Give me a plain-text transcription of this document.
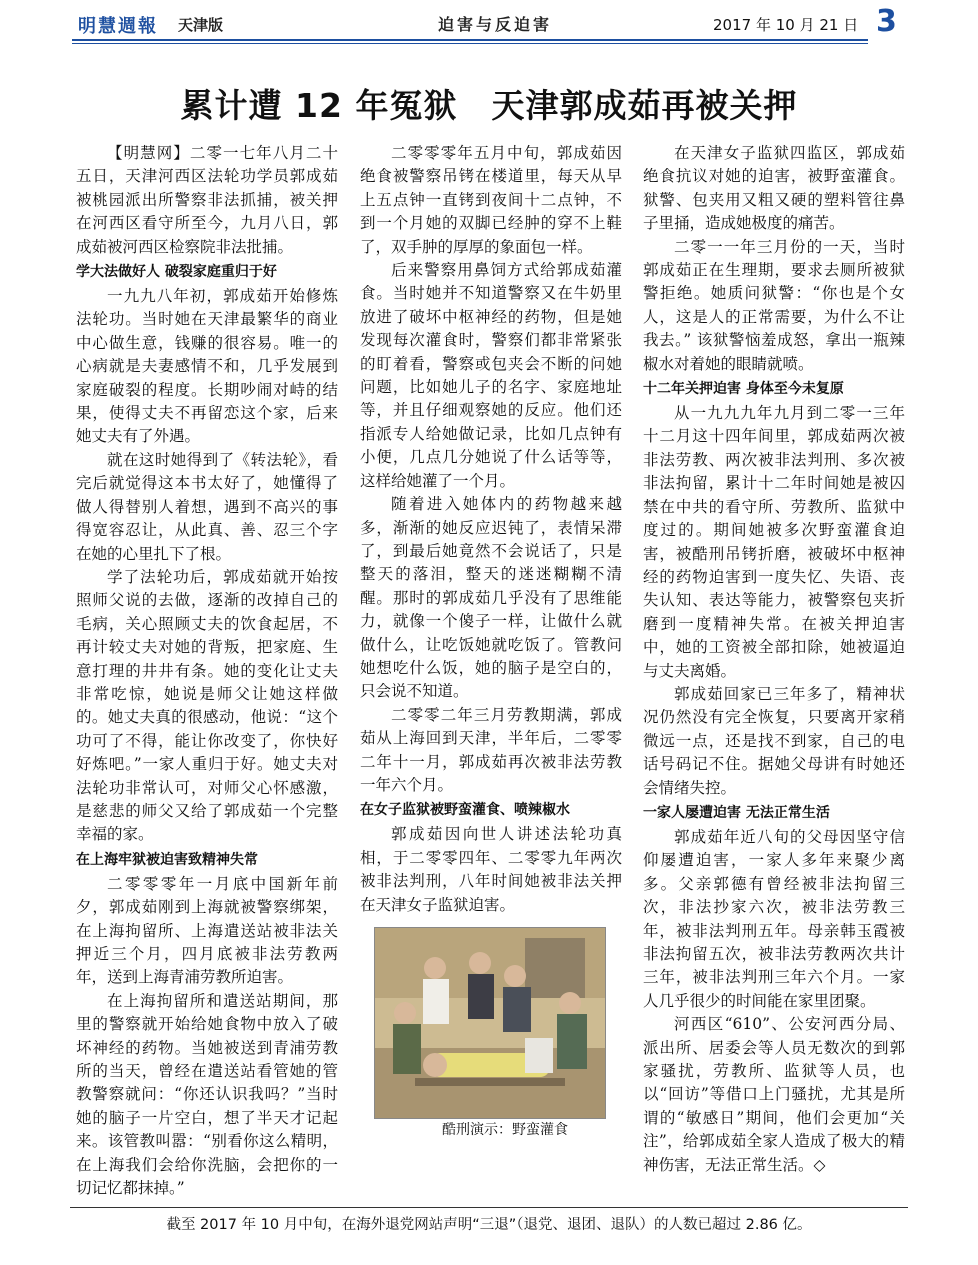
明慧週報 天津版	迫害与反迫害	2017 年 10 月 21 日 3
累计遭 12 年冤狱　天津郭成茹再被关押

【明慧网】二零一七年八月二十五日，天津河西区法轮功学员郭成茹被桃园派出所警察非法抓捕，被关押在河西区看守所至今，九月八日，郭成茹被河西区检察院非法批捕。

学大法做好人 破裂家庭重归于好

一九九八年初，郭成茹开始修炼法轮功。当时她在天津最繁华的商业中心做生意，钱赚的很容易。唯一的心病就是夫妻感情不和，几乎发展到家庭破裂的程度。长期吵闹对峙的结果，使得丈夫不再留恋这个家，后来她丈夫有了外遇。

就在这时她得到了《转法轮》，看完后就觉得这本书太好了，她懂得了做人得替别人着想，遇到不高兴的事得宽容忍让，从此真、善、忍三个字在她的心里扎下了根。

学了法轮功后，郭成茹就开始按照师父说的去做，逐渐的改掉自己的毛病，关心照顾丈夫的饮食起居，不再计较丈夫对她的背叛，把家庭、生意打理的井井有条。她的变化让丈夫非常吃惊，她说是师父让她这样做的。她丈夫真的很感动，他说：“这个功可了不得，能让你改变了，你快好好炼吧。”一家人重归于好。她丈夫对法轮功非常认可，对师父心怀感激，是慈悲的师父又给了郭成茹一个完整幸福的家。

在上海牢狱被迫害致精神失常

二零零零年一月底中国新年前夕，郭成茹刚到上海就被警察绑架，在上海拘留所、上海遣送站被非法关押近三个月，四月底被非法劳教两年，送到上海青浦劳教所迫害。

在上海拘留所和遣送站期间，那里的警察就开始给她食物中放入了破坏神经的药物。当她被送到青浦劳教所的当天，曾经在遣送站看管她的管教警察就问：“你还认识我吗？”当时她的脑子一片空白，想了半天才记起来。该管教叫嚣：“别看你这么精明，在上海我们会给你洗脑，会把你的一切记忆都抹掉。”

二零零零年五月中旬，郭成茹因绝食被警察吊铐在楼道里，每天从早上五点钟一直铐到夜间十二点钟，不到一个月她的双脚已经肿的穿不上鞋了，双手肿的厚厚的象面包一样。

后来警察用鼻饲方式给郭成茹灌食。当时她并不知道警察又在牛奶里放进了破坏中枢神经的药物，但是她发现每次灌食时，警察们都非常紧张的盯着看，警察或包夹会不断的问她问题，比如她儿子的名字、家庭地址等，并且仔细观察她的反应。他们还指派专人给她做记录，比如几点钟有小便，几点几分她说了什么话等等，这样给她灌了一个月。

随着进入她体内的药物越来越多，渐渐的她反应迟钝了，表情呆滞了，到最后她竟然不会说话了，只是整天的落泪，整天的迷迷糊糊不清醒。那时的郭成茹几乎没有了思维能力，就像一个傻子一样，让做什么就做什么，让吃饭她就吃饭了。管教问她想吃什么饭，她的脑子是空白的，只会说不知道。

二零零二年三月劳教期满，郭成茹从上海回到天津，半年后，二零零二年十一月，郭成茹再次被非法劳教一年六个月。

在女子监狱被野蛮灌食、喷辣椒水

郭成茹因向世人讲述法轮功真相，于二零零四年、二零零九年两次被非法判刑，八年时间她被非法关押在天津女子监狱迫害。

酷刑演示：野蛮灌食

在天津女子监狱四监区，郭成茹绝食抗议对她的迫害，被野蛮灌食。狱警、包夹用又粗又硬的塑料管往鼻子里捅，造成她极度的痛苦。

二零一一年三月份的一天，当时郭成茹正在生理期，要求去厕所被狱警拒绝。她质问狱警：“你也是个女人，这是人的正常需要，为什么不让我去。” 该狱警恼羞成怒，拿出一瓶辣椒水对着她的眼睛就喷。

十二年关押迫害 身体至今未复原

从一九九九年九月到二零一三年十二月这十四年间里，郭成茹两次被非法劳教、两次被非法判刑、多次被非法拘留，累计十二年时间她是被囚禁在中共的看守所、劳教所、监狱中度过的。期间她被多次野蛮灌食迫害，被酷刑吊铐折磨，被破坏中枢神经的药物迫害到一度失忆、失语、丧失认知、表达等能力，被警察包夹折磨到一度精神失常。在被关押迫害中，她的工资被全部扣除，她被逼迫与丈夫离婚。

郭成茹回家已三年多了，精神状况仍然没有完全恢复，只要离开家稍微远一点，还是找不到家，自己的电话号码记不住。据她父母讲有时她还会情绪失控。

一家人屡遭迫害 无法正常生活

郭成茹年近八旬的父母因坚守信仰屡遭迫害，一家人多年来聚少离多。父亲郭德有曾经被非法拘留三次，非法抄家六次，被非法劳教三年，被非法判刑五年。母亲韩玉霞被非法拘留五次，被非法劳教两次共计三年，被非法判刑三年六个月。一家人几乎很少的时间能在家里团聚。

河西区“610”、公安河西分局、派出所、居委会等人员无数次的到郭家骚扰，劳教所、监狱等人员，也以“回访”等借口上门骚扰，尤其是所谓的“敏感日”期间，他们会更加“关注”，给郭成茹全家人造成了极大的精神伤害，无法正常生活。◇

截至 2017 年 10 月中旬，在海外退党网站声明“三退”（退党、退团、退队）的人数已超过 2.86 亿。
